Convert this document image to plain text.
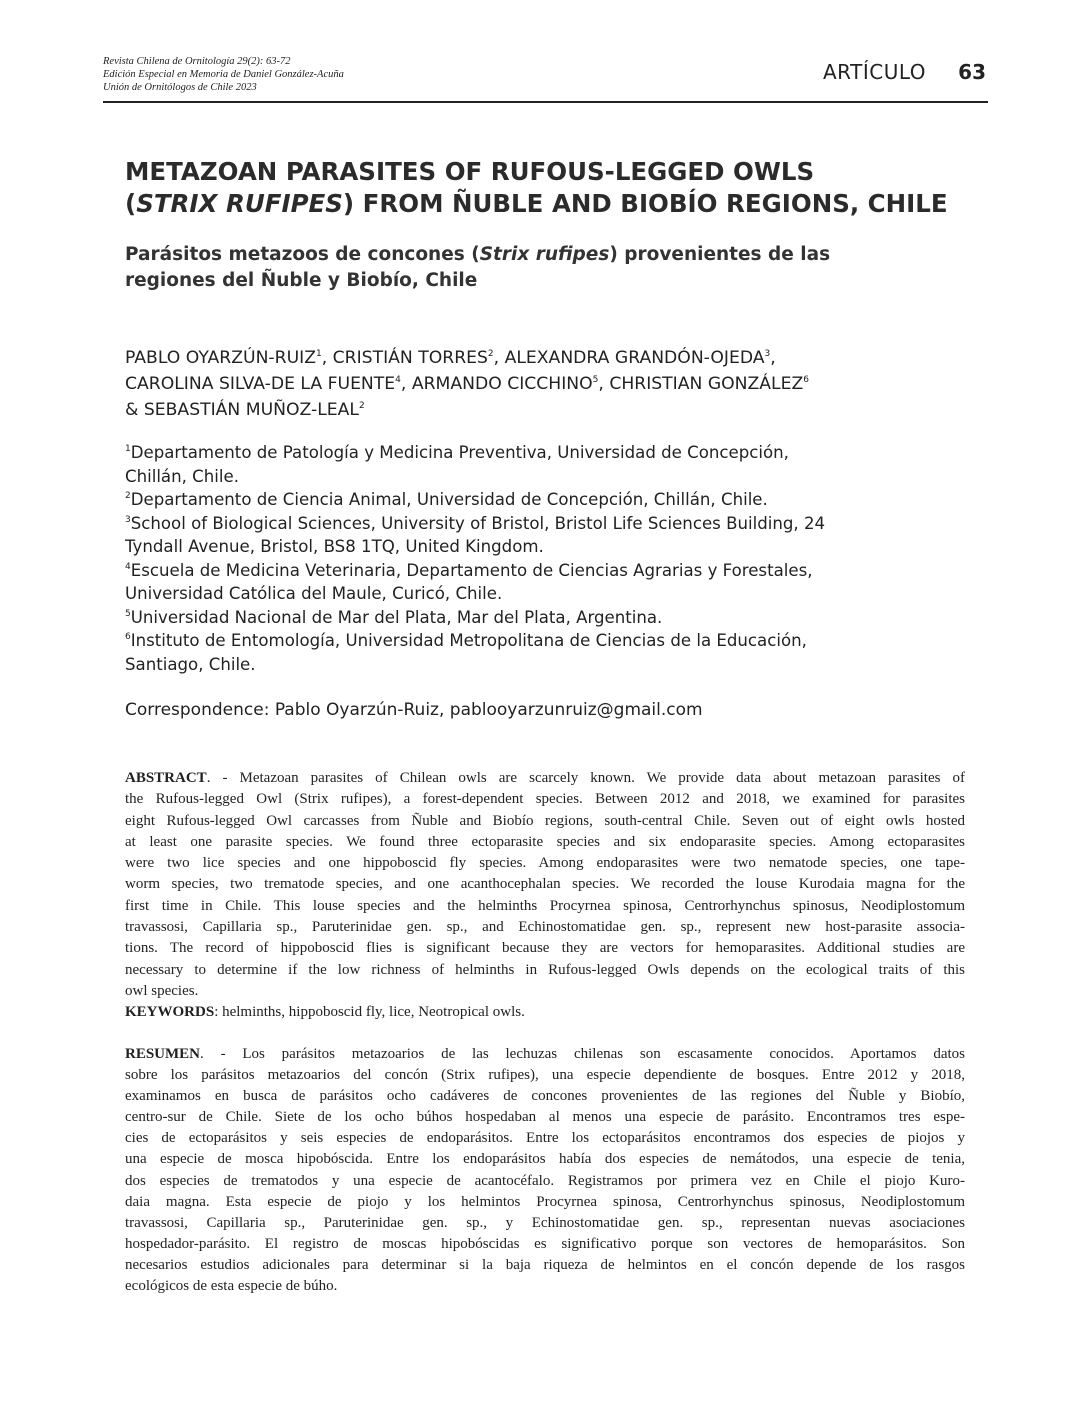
Revista Chilena de Ornitología 29(2): 63-72
Edición Especial en Memoria de Daniel González-Acuña
Unión de Ornitólogos de Chile 2023
ARTÍCULO 63
METAZOAN PARASITES OF RUFOUS-LEGGED OWLS
(STRIX RUFIPES) FROM ÑUBLE AND BIOBÍO REGIONS, CHILE
Parásitos metazoos de concones (Strix rufipes) provenientes de las
regiones del Ñuble y Biobío, Chile
PABLO OYARZÚN-RUIZ$^1$, CRISTIÁN TORRES$^2$, ALEXANDRA GRANDÓN-OJEDA$^3$,
CAROLINA SILVA-DE LA FUENTE$^4$, ARMANDO CICCHINO$^5$, CHRISTIAN GONZÁLEZ$^6$
& SEBASTIÁN MUÑOZ-LEAL$^2$
$^1$Departamento de Patología y Medicina Preventiva, Universidad de Concepción,
Chillán, Chile.
$^2$Departamento de Ciencia Animal, Universidad de Concepción, Chillán, Chile.
$^3$School of Biological Sciences, University of Bristol, Bristol Life Sciences Building, 24
Tyndall Avenue, Bristol, BS8 1TQ, United Kingdom.
$^4$Escuela de Medicina Veterinaria, Departamento de Ciencias Agrarias y Forestales,
Universidad Católica del Maule, Curicó, Chile.
$^5$Universidad Nacional de Mar del Plata, Mar del Plata, Argentina.
$^6$Instituto de Entomología, Universidad Metropolitana de Ciencias de la Educación,
Santiago, Chile.
Correspondence: Pablo Oyarzún-Ruiz, pablooyarzunruiz@gmail.com
ABSTRACT. - Metazoan parasites of Chilean owls are scarcely known. We provide data about metazoan parasites of
the Rufous-legged Owl (Strix rufipes), a forest-dependent species. Between 2012 and 2018, we examined for parasites
eight Rufous-legged Owl carcasses from Ñuble and Biobío regions, south-central Chile. Seven out of eight owls hosted
at least one parasite species. We found three ectoparasite species and six endoparasite species. Among ectoparasites
were two lice species and one hippoboscid fly species. Among endoparasites were two nematode species, one tape-
worm species, two trematode species, and one acanthocephalan species. We recorded the louse Kurodaia magna for the
first time in Chile. This louse species and the helminths Procyrnea spinosa, Centrorhynchus spinosus, Neodiplostomum
travassosi, Capillaria sp., Paruterinidae gen. sp., and Echinostomatidae gen. sp., represent new host-parasite associa-
tions. The record of hippoboscid flies is significant because they are vectors for hemoparasites. Additional studies are
necessary to determine if the low richness of helminths in Rufous-legged Owls depends on the ecological traits of this
owl species.
KEYWORDS: helminths, hippoboscid fly, lice, Neotropical owls.
RESUMEN. - Los parásitos metazoarios de las lechuzas chilenas son escasamente conocidos. Aportamos datos
sobre los parásitos metazoarios del concón (Strix rufipes), una especie dependiente de bosques. Entre 2012 y 2018,
examinamos en busca de parásitos ocho cadáveres de concones provenientes de las regiones del Ñuble y Biobío,
centro-sur de Chile. Siete de los ocho búhos hospedaban al menos una especie de parásito. Encontramos tres espe-
cies de ectoparásitos y seis especies de endoparásitos. Entre los ectoparásitos encontramos dos especies de piojos y
una especie de mosca hipobóscida. Entre los endoparásitos había dos especies de nemátodos, una especie de tenia,
dos especies de trematodos y una especie de acantocéfalo. Registramos por primera vez en Chile el piojo Kuro-
daia magna. Esta especie de piojo y los helmintos Procyrnea spinosa, Centrorhynchus spinosus, Neodiplostomum
travassosi, Capillaria sp., Paruterinidae gen. sp., y Echinostomatidae gen. sp., representan nuevas asociaciones
hospedador-parásito. El registro de moscas hipobóscidas es significativo porque son vectores de hemoparásitos. Son
necesarios estudios adicionales para determinar si la baja riqueza de helmintos en el concón depende de los rasgos
ecológicos de esta especie de búho.
